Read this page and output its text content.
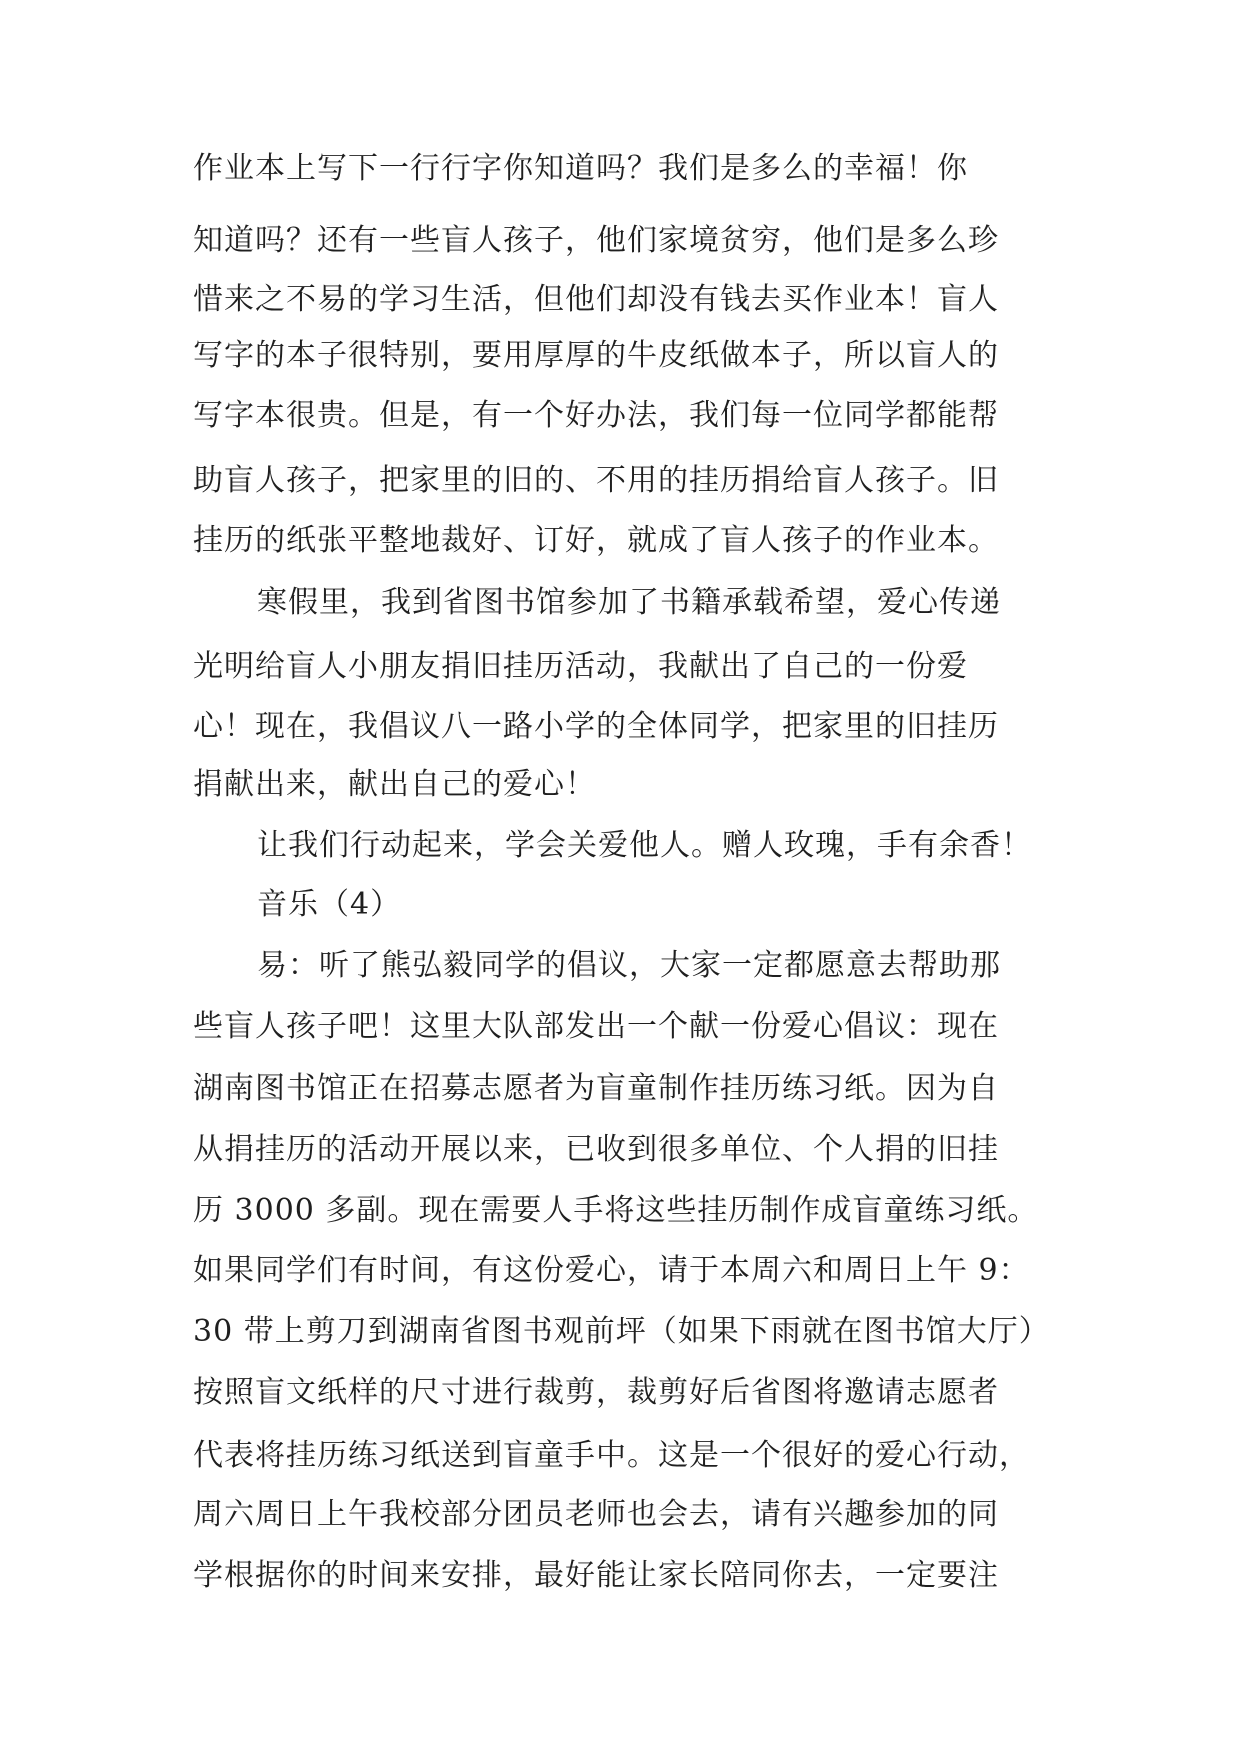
作业本上写下一行行字你知道吗？我们是多么的幸福！你
知道吗？还有一些盲人孩子，他们家境贫穷，他们是多么珍
惜来之不易的学习生活，但他们却没有钱去买作业本！盲人
写字的本子很特别，要用厚厚的牛皮纸做本子，所以盲人的
写字本很贵。但是，有一个好办法，我们每一位同学都能帮
助盲人孩子，把家里的旧的、不用的挂历捐给盲人孩子。旧
挂历的纸张平整地裁好、订好，就成了盲人孩子的作业本。
寒假里，我到省图书馆参加了书籍承载希望，爱心传递
光明给盲人小朋友捐旧挂历活动，我献出了自己的一份爱
心！现在，我倡议八一路小学的全体同学，把家里的旧挂历
捐献出来，献出自己的爱心！
让我们行动起来，学会关爱他人。赠人玫瑰，手有余香！
音乐（4）
易：听了熊弘毅同学的倡议，大家一定都愿意去帮助那
些盲人孩子吧！这里大队部发出一个献一份爱心倡议：现在
湖南图书馆正在招募志愿者为盲童制作挂历练习纸。因为自
从捐挂历的活动开展以来，已收到很多单位、个人捐的旧挂
历 3000 多副。现在需要人手将这些挂历制作成盲童练习纸。
如果同学们有时间，有这份爱心，请于本周六和周日上午 9：
30 带上剪刀到湖南省图书观前坪（如果下雨就在图书馆大厅）
按照盲文纸样的尺寸进行裁剪，裁剪好后省图将邀请志愿者
代表将挂历练习纸送到盲童手中。这是一个很好的爱心行动，
周六周日上午我校部分团员老师也会去，请有兴趣参加的同
学根据你的时间来安排，最好能让家长陪同你去，一定要注
